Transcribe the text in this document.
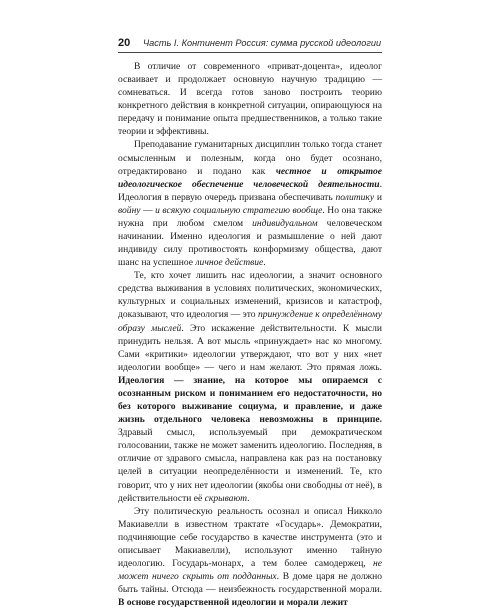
20 Часть I. Континент Россия: сумма русской идеологии

В отличие от современного «приват-доцента», идеолог осваивает и продолжает основную научную традицию — сомневаться. И всегда готов заново построить теорию конкретного действия в конкретной ситуации, опирающуюся на передачу и понимание опыта предшественников, а только такие теории и эффективны.

Преподавание гуманитарных дисциплин только тогда станет осмысленным и полезным, когда оно будет осознано, отредактировано и подано как честное и открытое идеологическое обеспечение человеческой деятельности. Идеология в первую очередь призвана обеспечивать политику и войну — и всякую социальную стратегию вообще. Но она также нужна при любом смелом индивидуальном человеческом начинании. Именно идеология и размышление о ней дают индивиду силу противостоять конформизму общества, дают шанс на успешное личное действие.

Те, кто хочет лишить нас идеологии, а значит основного средства выживания в условиях политических, экономических, культурных и социальных изменений, кризисов и катастроф, доказывают, что идеология — это принуждение к определённому образу мыслей. Это искажение действительности. К мысли принудить нельзя. А вот мысль «принуждает» нас ко многому. Сами «критики» идеологии утверждают, что вот у них «нет идеологии вообще» — чего и нам желают. Это прямая ложь. Идеология — знание, на которое мы опираемся с осознанным риском и пониманием его недостаточности, но без которого выживание социума, и правление, и даже жизнь отдельного человека невозможны в принципе. Здравый смысл, используемый при демократическом голосовании, также не может заменить идеологию. Последняя, в отличие от здравого смысла, направлена как раз на постановку целей в ситуации неопределённости и изменений. Те, кто говорит, что у них нет идеологии (якобы они свободны от неё), в действительности её скрывают.

Эту политическую реальность осознал и описал Никколо Макиавелли в известном трактате «Государь». Демократии, подчиняющие себе государство в качестве инструмента (это и описывает Макиавелли), используют именно тайную идеологию. Государь-монарх, а тем более самодержец, не может ничего скрыть от подданных. В доме царя не должно быть тайны. Отсюда — неизбежность государственной морали. В основе государственной идеологии и морали лежит
